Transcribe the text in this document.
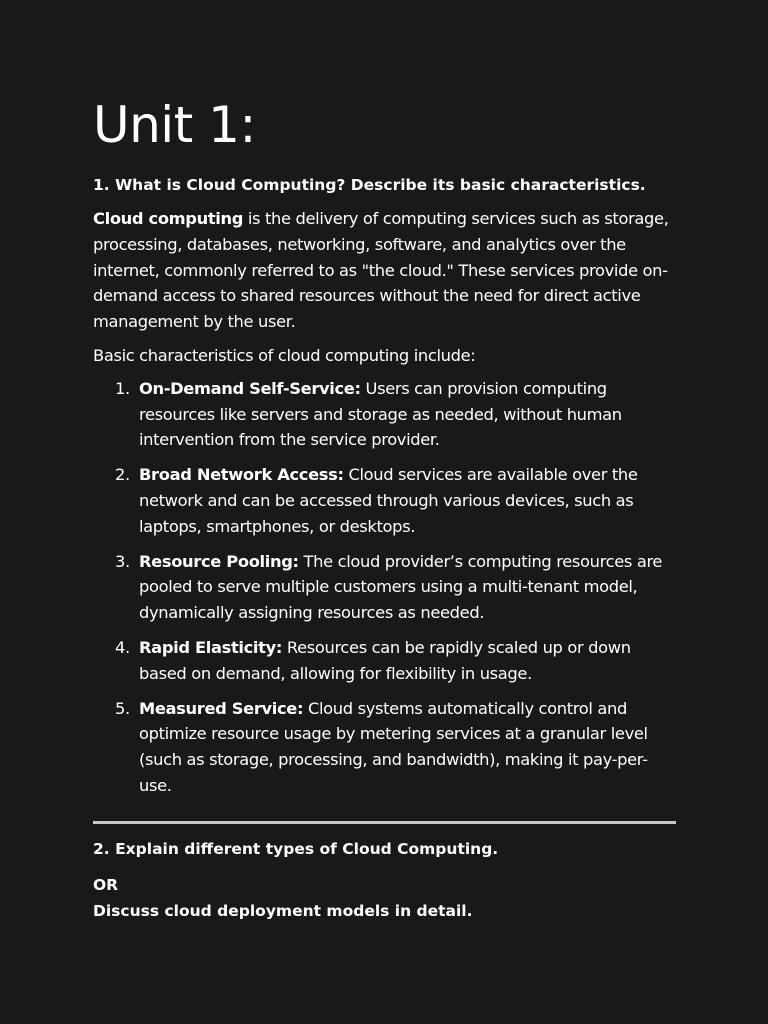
Unit 1:
1. What is Cloud Computing? Describe its basic characteristics.

Cloud computing is the delivery of computing services such as storage, processing, databases, networking, software, and analytics over the internet, commonly referred to as "the cloud." These services provide on-demand access to shared resources without the need for direct active management by the user.

Basic characteristics of cloud computing include:

1. On-Demand Self-Service: Users can provision computing resources like servers and storage as needed, without human intervention from the service provider.
2. Broad Network Access: Cloud services are available over the network and can be accessed through various devices, such as laptops, smartphones, or desktops.
3. Resource Pooling: The cloud provider’s computing resources are pooled to serve multiple customers using a multi-tenant model, dynamically assigning resources as needed.
4. Rapid Elasticity: Resources can be rapidly scaled up or down based on demand, allowing for flexibility in usage.
5. Measured Service: Cloud systems automatically control and optimize resource usage by metering services at a granular level (such as storage, processing, and bandwidth), making it pay-per-use.
2. Explain different types of Cloud Computing.
OR
Discuss cloud deployment models in detail.
